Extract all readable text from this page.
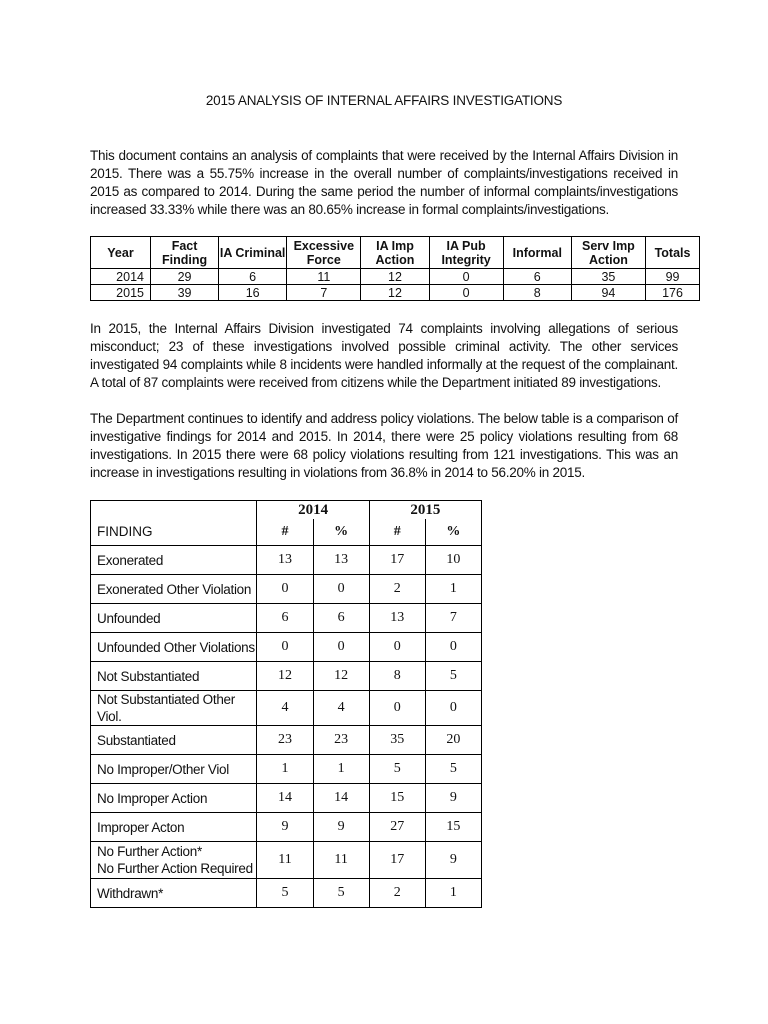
2015 ANALYSIS OF INTERNAL AFFAIRS INVESTIGATIONS

This document contains an analysis of complaints that were received by the Internal Affairs Division in 2015. There was a 55.75% increase in the overall number of complaints/investigations received in 2015 as compared to 2014. During the same period the number of informal complaints/investigations increased 33.33% while there was an 80.65% increase in formal complaints/investigations.

Year	Fact Finding	IA Criminal	Excessive Force	IA Imp Action	IA Pub Integrity	Informal	Serv Imp Action	Totals
2014	29	6	11	12	0	6	35	99
2015	39	16	7	12	0	8	94	176

In 2015, the Internal Affairs Division investigated 74 complaints involving allegations of serious misconduct; 23 of these investigations involved possible criminal activity. The other services investigated 94 complaints while 8 incidents were handled informally at the request of the complainant. A total of 87 complaints were received from citizens while the Department initiated 89 investigations.

The Department continues to identify and address policy violations. The below table is a comparison of investigative findings for 2014 and 2015. In 2014, there were 25 policy violations resulting from 68 investigations. In 2015 there were 68 policy violations resulting from 121 investigations. This was an increase in investigations resulting in violations from 36.8% in 2014 to 56.20% in 2015.

FINDING	2014		2015	
	#	%	#	%

Exonerated	13	13	17	10

Exonerated Other Violation	0	0	2	1

Unfounded	6	6	13	7

Unfounded Other Violations	0	0	0	0

Not Substantiated	12	12	8	5

Not Substantiated Other Viol.	4	4	0	0

Substantiated	23	23	35	20

No Improper/Other Viol	1	1	5	5

No Improper Action	14	14	15	9

Improper Acton	9	9	27	15

No Further Action*
No Further Action Required	11	11	17	9

Withdrawn*	5	5	2	1
